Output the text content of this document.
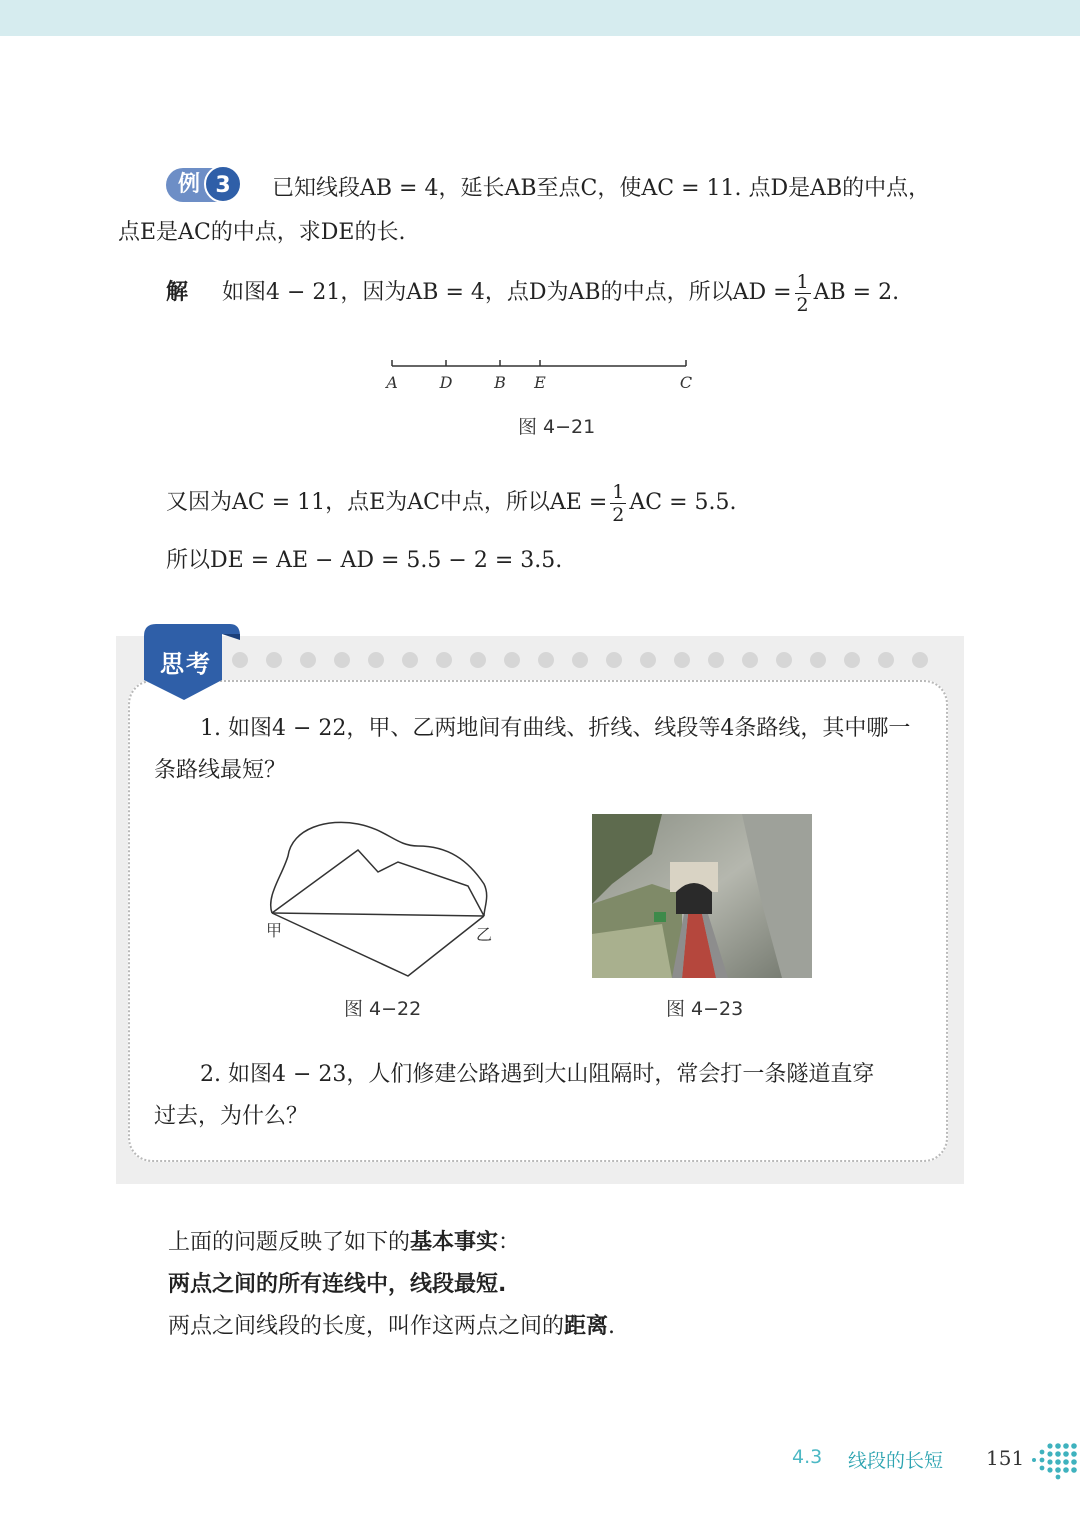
例 3	已知线段AB = 4，延长AB至点C，使AC = 11. 点D是AB的中点，
点E是AC的中点，求DE的长.
解 如图4 − 21，因为AB = 4，点D为AB的中点，所以AD = $\frac{1}{2}$ AB = 2.
A	D	B E	C
图 4−21
又因为AC = 11，点E为AC中点，所以AE = $\frac{1}{2}$ AC = 5.5.
所以DE = AE − AD = 5.5 − 2 = 3.5.
思考
1. 如图4 − 22，甲、乙两地间有曲线、折线、线段等4条路线，其中哪一
条路线最短？
甲	乙
图 4−22	图 4−23
2. 如图4 − 23，人们修建公路遇到大山阻隔时，常会打一条隧道直穿
过去，为什么？
上面的问题反映了如下的基本事实：
两点之间的所有连线中，线段最短.
两点之间线段的长度，叫作这两点之间的距离.
4.3 线段的长短 151
